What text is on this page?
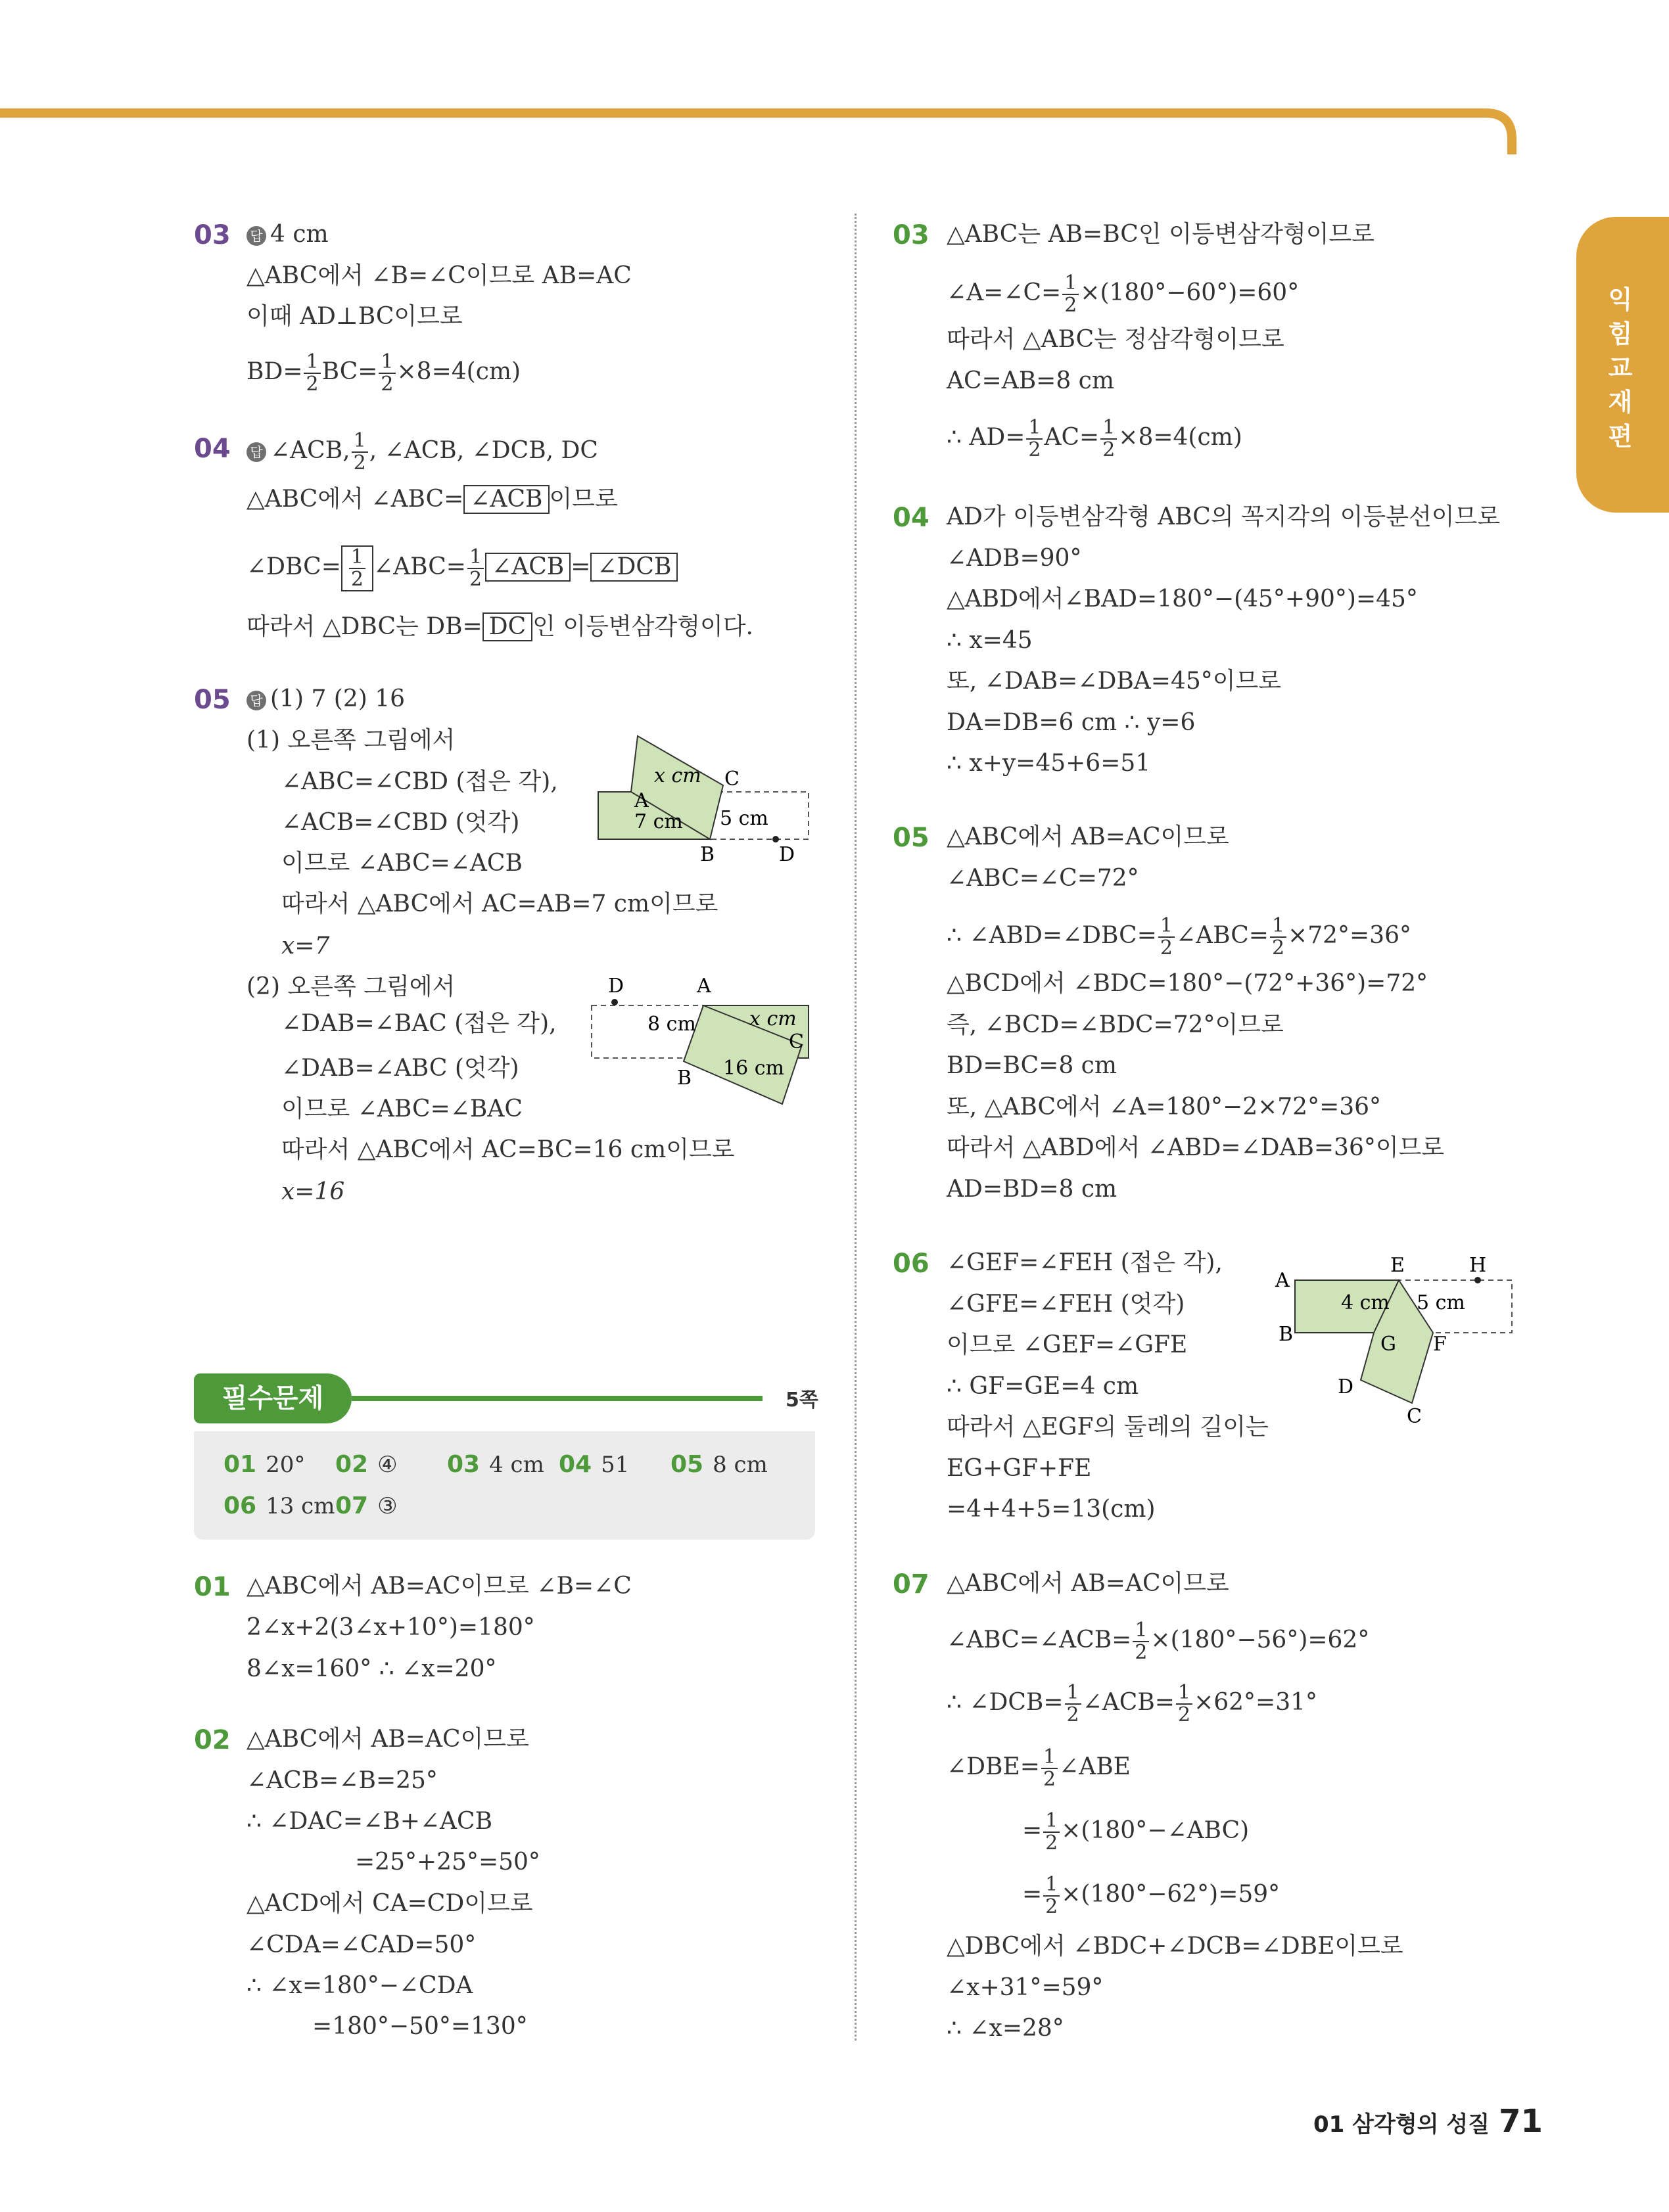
익힘교재편
03 답 4 cm
△ABC에서 ∠B=∠C이므로 AB=AC
이때 AD⊥BC이므로
$BD= \frac{1}{2} BC= \frac{1}{2} \times 8=4(cm)$
04 답 ∠ACB, $\frac{1}{2}$ , ∠ACB, ∠DCB, DC
△ABC에서 ∠ABC= ∠ACB 이므로
∠DBC= $\frac{1}{2}$ ∠ABC= $\frac{1}{2}$ ∠ACB = ∠DCB
따라서 △DBC는 DB= DC 인 이등변삼각형이다.
05 답 (1) 7 (2) 16
(1) 오른쪽 그림에서
∠ABC=∠CBD (접은 각),
∠ACB=∠CBD (엇각)
이므로 ∠ABC=∠ACB
따라서 △ABC에서 AC=AB=7 cm이므로
x=7
(2) 오른쪽 그림에서
∠DAB=∠BAC (접은 각),
∠DAB=∠ABC (엇각)
이므로 ∠ABC=∠BAC
따라서 △ABC에서 AC=BC=16 cm이므로
x=16
x cm C
A
7 cm 5 cm
B	D
D	A
8 cm	x cm
C
B 16 cm
필수문제	5쪽
01 20° 02 ④ 03 4 cm 04 51 05 8 cm
06 13 cm 07 ③
01 △ABC에서 AB=AC이므로 ∠B=∠C
2∠x+2(3∠x+10°)=180°
8∠x=160° ∴ ∠x=20°
02 △ABC에서 AB=AC이므로
∠ACB=∠B=25°
∴ ∠DAC=∠B+∠ACB
=25°+25°=50°
△ACD에서 CA=CD이므로
∠CDA=∠CAD=50°
∴ ∠x=180°−∠CDA
=180°−50°=130°
03 △ABC는 AB=BC인 이등변삼각형이므로
∠A=∠C= $\frac{1}{2} \times(180^\circ-60^\circ)=60^\circ$
따라서 △ABC는 정삼각형이므로
AC=AB=8 cm
∴ $AD= \frac{1}{2} AC= \frac{1}{2} \times 8=4(cm)$
04 AD가 이등변삼각형 ABC의 꼭지각의 이등분선이므로
∠ADB=90°
△ABD에서∠BAD=180°−(45°+90°)=45°
∴ x=45
또, ∠DAB=∠DBA=45°이므로
DA=DB=6 cm ∴ y=6
∴ x+y=45+6=51
05 △ABC에서 AB=AC이므로
∠ABC=∠C=72°
∴ ∠ABD=∠DBC= $\frac{1}{2}$ ∠ABC= $\frac{1}{2} \times 72^\circ=36^\circ$
△BCD에서 ∠BDC=180°−(72°+36°)=72°
즉, ∠BCD=∠BDC=72°이므로
BD=BC=8 cm
또, △ABC에서 ∠A=180°−2×72°=36°
따라서 △ABD에서 ∠ABD=∠DAB=36°이므로
AD=BD=8 cm
06 ∠GEF=∠FEH (접은 각),
∠GFE=∠FEH (엇각)
이므로 ∠GEF=∠GFE
∴ GF=GE=4 cm
따라서 △EGF의 둘레의 길이는
EG+GF+FE
=4+4+5=13(cm)
A
E	H
4 cm 5 cm
B	G F
D
C
07 △ABC에서 AB=AC이므로
∠ABC=∠ACB= $\frac{1}{2} \times(180^\circ-56^\circ)=62^\circ$
∴ ∠DCB= $\frac{1}{2}$ ∠ACB= $\frac{1}{2} \times 62^\circ=31^\circ$
∠DBE= $\frac{1}{2}$ ∠ABE
= $\frac{1}{2}$ ×(180°−∠ABC)
= $\frac{1}{2} \times(180^\circ-62^\circ)=59^\circ$
△DBC에서 ∠BDC+∠DCB=∠DBE이므로
∠x+31°=59°
∴ ∠x=28°
01 삼각형의 성질 71
